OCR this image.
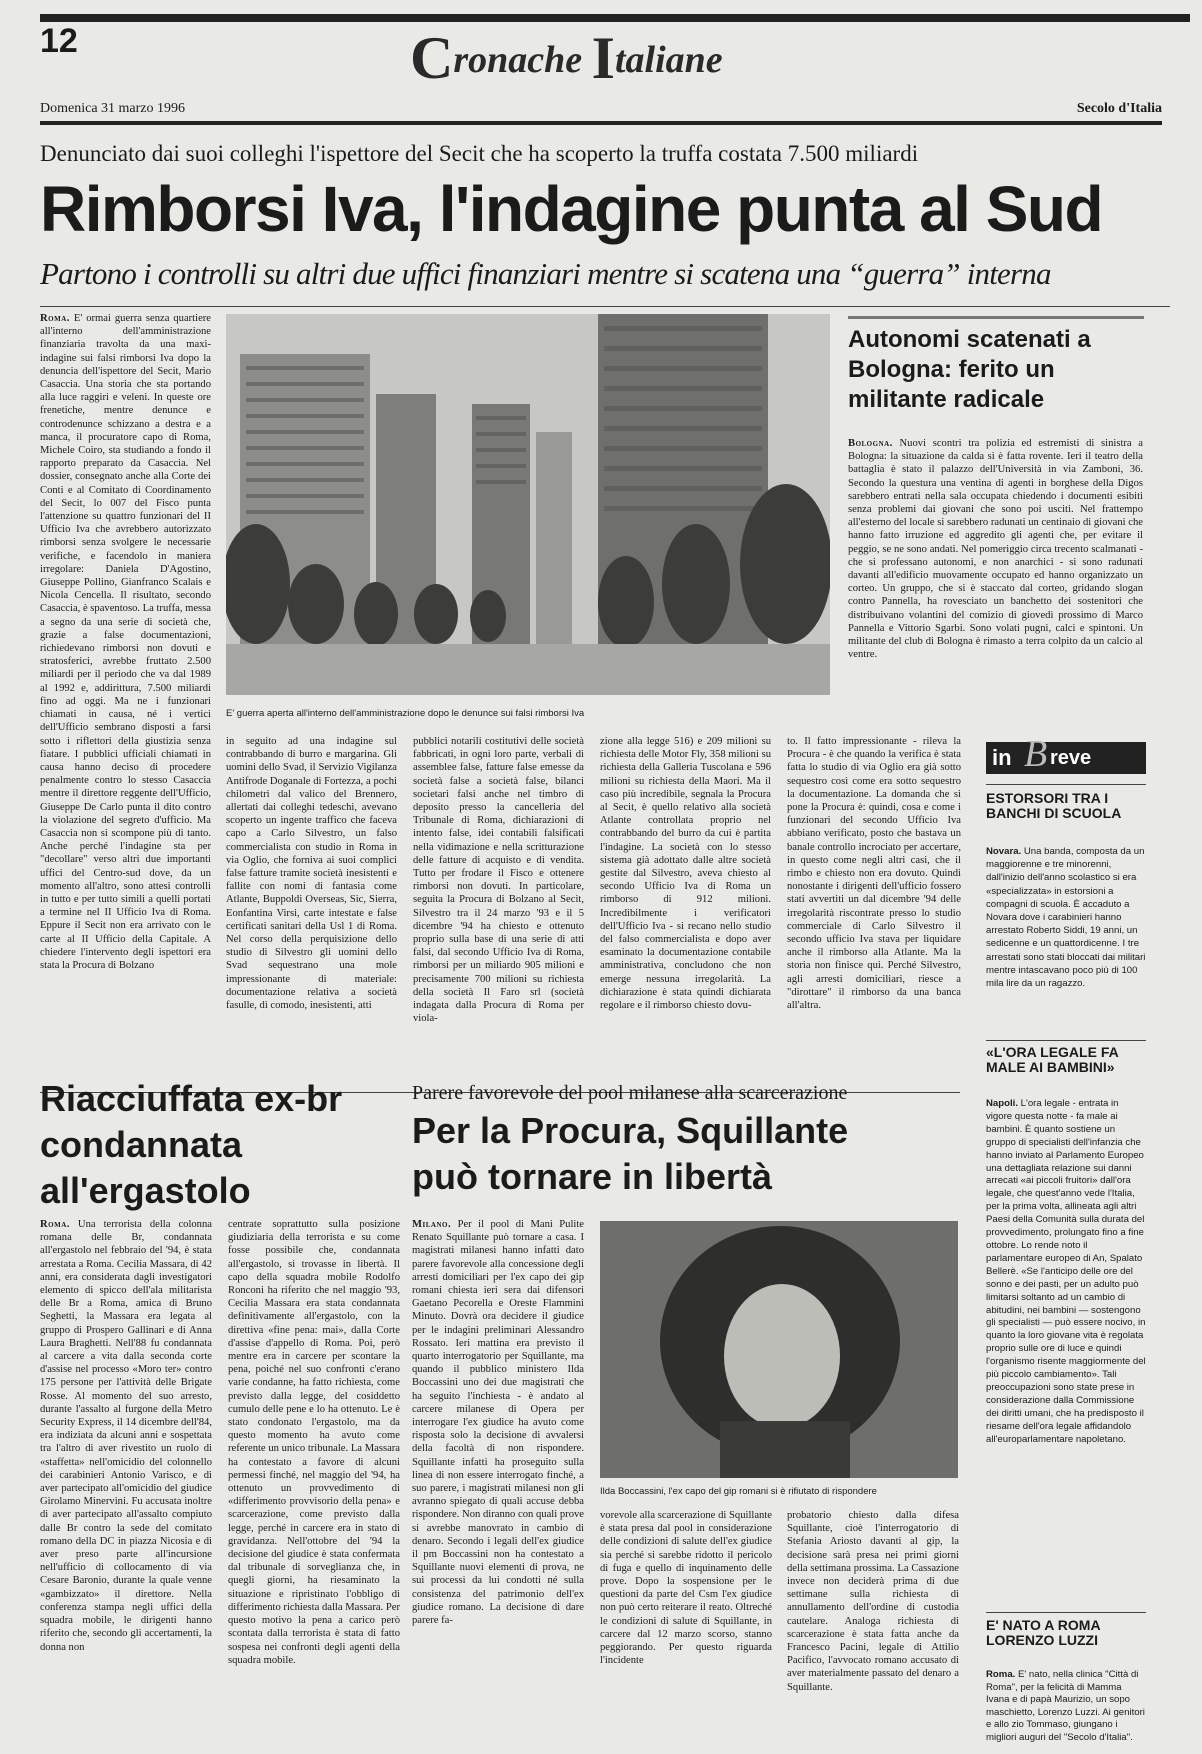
12	Cronache Italiane
Domenica 31 marzo 1996	Secolo d'Italia
Denunciato dai suoi colleghi l'ispettore del Secit che ha scoperto la truffa costata 7.500 miliardi
Rimborsi Iva, l'indagine punta al Sud
Partono i controlli su altri due uffici finanziari mentre si scatena una “guerra” interna
Roma. E' ormai guerra senza quartiere all'interno dell'amministrazione finanziaria travolta da una maxi-indagine sui falsi rimborsi Iva dopo la denuncia dell'ispettore del Secit, Mario Casaccia. Una storia che sta portando alla luce raggiri e veleni. In queste ore frenetiche, mentre denunce e controdenunce schizzano a destra e a manca, il procuratore capo di Roma, Michele Coiro, sta studiando a fondo il rapporto preparato da Casaccia. Nel dossier, consegnato anche alla Corte dei Conti e al Comitato di Coordinamento del Secit, lo 007 del Fisco punta l'attenzione su quattro funzionari del II Ufficio Iva che avrebbero autorizzato rimborsi senza svolgere le necessarie verifiche, e facendolo in maniera irregolare: Daniela D'Agostino, Giuseppe Pollino, Gianfranco Scalais e Nicola Cencella. Il risultato, secondo Casaccia, è spaventoso. La truffa, messa a segno da una serie di società che, grazie a false documentazioni, richiedevano rimborsi non dovuti e stratosferici, avrebbe fruttato 2.500 miliardi per il periodo che va dal 1989 al 1992 e, addirittura, 7.500 miliardi fino ad oggi. Ma ne i funzionari chiamati in causa, né i vertici dell'Ufficio sembrano disposti a farsi sotto i riflettori della giustizia senza fiatare. I pubblici ufficiali chiamati in causa hanno deciso di procedere penalmente contro lo stesso Casaccia mentre il direttore reggente dell'Ufficio, Giuseppe De Carlo punta il dito contro la violazione del segreto d'ufficio. Ma Casaccia non si scompone più di tanto. Anche perché l'indagine sta per "decollare" verso altri due importanti uffici del Centro-sud dove, da un momento all'altro, sono attesi controlli in tutto e per tutto simili a quelli portati a termine nel II Ufficio Iva di Roma. Eppure il Secit non era arrivato con le carte al II Ufficio della Capitale. A chiedere l'intervento degli ispettori era stata la Procura di Bolzano
E' guerra aperta all'interno dell'amministrazione dopo le denunce sui falsi rimborsi Iva
in seguito ad una indagine sul contrabbando di burro e margarina. Gli uomini dello Svad, il Servizio Vigilanza Antifrode Doganale di Fortezza, a pochi chilometri dal valico del Brennero, allertati dai colleghi tedeschi, avevano scoperto un ingente traffico che faceva capo a Carlo Silvestro, un falso commercialista con studio in Roma in via Oglio, che forniva ai suoi complici false fatture tramite società inesistenti e fallite con nomi di fantasia come Atlante, Buppoldi Overseas, Sic, Sierra, Eonfantina Virsi, carte intestate e false certificati sanitari della Usl 1 di Roma. Nel corso della perquisizione dello studio di Silvestro gli uomini dello Svad sequestrano una mole impressionante di materiale: documentazione relativa a società fasulle, di comodo, inesistenti, atti
pubblici notarili costitutivi delle società fabbricati, in ogni loro parte, verbali di assemblee false, fatture false emesse da società false a società false, bilanci societari falsi anche nel timbro di deposito presso la cancelleria del Tribunale di Roma, dichiarazioni di intento false, idei contabili falsificati nella vidimazione e nella scritturazione delle fatture di acquisto e di vendita. Tutto per frodare il Fisco e ottenere rimborsi non dovuti. In particolare, seguita la Procura di Bolzano al Secit, Silvestro tra il 24 marzo '93 e il 5 dicembre '94 ha chiesto e ottenuto proprio sulla base di una serie di atti falsi, dal secondo Ufficio Iva di Roma, rimborsi per un miliardo 905 milioni e precisamente 700 milioni su richiesta della società Il Faro srl (società indagata dalla Procura di Roma per viola-
zione alla legge 516) e 209 milioni su richiesta delle Motor Fly, 358 milioni su richiesta della Galleria Tuscolana e 596 milioni su richiesta della Maori. Ma il caso più incredibile, segnala la Procura al Secit, è quello relativo alla società Atlante controllata proprio nel contrabbando del burro da cui è partita l'indagine. La società con lo stesso sistema già adottato dalle altre società gestite dal Silvestro, aveva chiesto al secondo Ufficio Iva di Roma un rimborso di 912 milioni. Incredibilmente i verificatori dell'Ufficio Iva - si recano nello studio del falso commercialista e dopo aver esaminato la documentazione contabile amministrativa, concludono che non emerge nessuna irregolarità. La dichiarazione è stata quindi dichiarata regolare e il rimborso chiesto dovu-
to. Il fatto impressionante - rileva la Procura - è che quando la verifica è stata fatta lo studio di via Oglio era già sotto sequestro così come era sotto sequestro la documentazione. La domanda che si pone la Procura è: quindi, cosa e come i funzionari del secondo Ufficio Iva abbiano verificato, posto che bastava un banale controllo incrociato per accertare, in questo come negli altri casi, che il rimbo e chiesto non era dovuto. Quindi nonostante i dirigenti dell'ufficio fossero stati avvertiti un dal dicembre '94 delle irregolarità riscontrate presso lo studio commerciale di Carlo Silvestro il secondo ufficio Iva stava per liquidare anche il rimborso alla Atlante. Ma la storia non finisce qui. Perché Silvestro, agli arresti domiciliari, riesce a "dirottare" il rimborso da una banca all'altra.
Autonomi scatenati a Bologna: ferito un militante radicale
Bologna. Nuovi scontri tra polizia ed estremisti di sinistra a Bologna: la situazione da calda si è fatta rovente. Ieri il teatro della battaglia è stato il palazzo dell'Università in via Zamboni, 36. Secondo la questura una ventina di agenti in borghese della Digos sarebbero entrati nella sala occupata chiedendo i documenti esibiti senza problemi dai giovani che sono poi usciti. Nel frattempo all'esterno del locale si sarebbero radunati un centinaio di giovani che hanno fatto irruzione ed aggredito gli agenti che, per evitare il peggio, se ne sono andati. Nel pomeriggio circa trecento scalmanati - che si professano autonomi, e non anarchici - si sono radunati davanti all'edificio muovamente occupato ed hanno organizzato un corteo. Un gruppo, che si è staccato dal corteo, gridando slogan contro Pannella, ha rovesciato un banchetto dei sostenitori che distribuivano volantini del comizio di giovedì prossimo di Marco Pannella e Vittorio Sgarbi. Sono volati pugni, calci e spintoni. Un militante del club di Bologna è rimasto a terra colpito da un calcio al ventre.
in B reve
ESTORSORI TRA I BANCHI DI SCUOLA
Novara. Una banda, composta da un maggiorenne e tre minorenni, dall'inizio dell'anno scolastico si era «specializzata» in estorsioni a compagni di scuola. È accaduto a Novara dove i carabinieri hanno arrestato Roberto Siddi, 19 anni, un sedicenne e un quattordicenne. I tre arrestati sono stati bloccati dai militari mentre intascavano poco più di 100 mila lire da un ragazzo.
«L'ORA LEGALE FA MALE AI BAMBINI»
Napoli. L'ora legale - entrata in vigore questa notte - fa male ai bambini. È quanto sostiene un gruppo di specialisti dell'infanzia che hanno inviato al Parlamento Europeo una dettagliata relazione sui danni arrecati «ai piccoli fruitori» dall'ora legale, che quest'anno vede l'Italia, per la prima volta, allineata agli altri Paesi della Comunità sulla durata del provvedimento, prolungato fino a fine ottobre. Lo rende noto il parlamentare europeo di An, Spalato Bellerè. «Se l'anticipo delle ore del sonno e dei pasti, per un adulto può limitarsi soltanto ad un cambio di abitudini, nei bambini — sostengono gli specialisti — può essere nocivo, in quanto la loro giovane vita è regolata proprio sulle ore di luce e quindi l'organismo risente maggiormente del più piccolo cambiamento». Tali preoccupazioni sono state prese in considerazione dalla Commissione dei diritti umani, che ha predisposto il riesame dell'ora legale affidandolo all'europarlamentare napoletano.
E' NATO A ROMA LORENZO LUZZI
Roma. E' nato, nella clinica "Città di Roma", per la felicità di Mamma Ivana e di papà Maurizio, un sopo maschietto, Lorenzo Luzzi. Ai genitori e allo zio Tommaso, giungano i migliori auguri del "Secolo d'Italia".
Riacciuffata ex-br condannata all'ergastolo
Roma. Una terrorista della colonna romana delle Br, condannata all'ergastolo nel febbraio del '94, è stata arrestata a Roma. Cecilia Massara, di 42 anni, era considerata dagli investigatori elemento di spicco dell'ala militarista delle Br a Roma, amica di Bruno Seghetti, la Massara era legata al gruppo di Prospero Gallinari e di Anna Laura Braghetti. Nell'88 fu condannata al carcere a vita dalla seconda corte d'assise nel processo «Moro ter» contro 175 persone per l'attività delle Brigate Rosse. Al momento del suo arresto, durante l'assalto al furgone della Metro Security Express, il 14 dicembre dell'84, era indiziata da alcuni anni e sospettata tra l'altro di aver rivestito un ruolo di «staffetta» nell'omicidio del colonnello dei carabinieri Antonio Varisco, e di aver partecipato all'omicidio del giudice Girolamo Minervini. Fu accusata inoltre di aver partecipato all'assalto compiuto dalle Br contro la sede del comitato romano della DC in piazza Nicosia e di aver preso parte all'incursione nell'ufficio di collocamento di via Cesare Baronio, durante la quale venne «gambizzato» il direttore. Nella conferenza stampa negli uffici della squadra mobile, le dirigenti hanno riferito che, secondo gli accertamenti, la donna non
centrate soprattutto sulla posizione giudiziaria della terrorista e su come fosse possibile che, condannata all'ergastolo, si trovasse in libertà. Il capo della squadra mobile Rodolfo Ronconi ha riferito che nel maggio '93, Cecilia Massara era stata condannata definitivamente all'ergastolo, con la direttiva «fine pena: mai», dalla Corte d'assise d'appello di Roma. Poi, però mentre era in carcere per scontare la pena, poiché nel suo confronti c'erano varie condanne, ha fatto richiesta, come previsto dalla legge, del cosiddetto cumulo delle pene e lo ha ottenuto. Le è stato condonato l'ergastolo, ma da questo momento ha avuto come referente un unico tribunale. La Massara ha contestato a favore di alcuni permessi finché, nel maggio del '94, ha ottenuto un provvedimento di «differimento provvisorio della pena» e scarcerazione, come previsto dalla legge, perché in carcere era in stato di gravidanza. Nell'ottobre del '94 la decisione del giudice è stata confermata dal tribunale di sorveglianza che, in quegli giorni, ha riesaminato la situazione e ripristinato l'obbligo di differimento richiesta dalla Massara. Per questo motivo la pena a carico però scontata dalla terrorista è stata di fatto sospesa nei confronti degli agenti della squadra mobile.
Parere favorevole del pool milanese alla scarcerazione
Per la Procura, Squillante può tornare in libertà
Milano. Per il pool di Mani Pulite Renato Squillante può tornare a casa. I magistrati milanesi hanno infatti dato parere favorevole alla concessione degli arresti domiciliari per l'ex capo dei gip romani chiesta ieri sera dai difensori Gaetano Pecorella e Oreste Flammini Minuto. Dovrà ora decidere il giudice per le indagini preliminari Alessandro Rossato. Ieri mattina era previsto il quarto interrogatorio per Squillante, ma quando il pubblico ministero Ilda Boccassini uno dei due magistrati che ha seguito l'inchiesta - è andato al carcere milanese di Opera per interrogare l'ex giudice ha avuto come risposta solo la decisione di avvalersi della facoltà di non rispondere. Squillante infatti ha proseguito sulla linea di non essere interrogato finché, a suo parere, i magistrati milanesi non gli avranno spiegato di quali accuse debba rispondere. Non diranno con quali prove si avrebbe manovrato in cambio di denaro. Secondo i legali dell'ex giudice il pm Boccassini non ha contestato a Squillante nuovi elementi di prova, ne sui processi da lui condotti né sulla consistenza del patrimonio dell'ex giudice romano. La decisione di dare parere fa-
Ilda Boccassini, l'ex capo del gip romani si è rifiutato di rispondere
vorevole alla scarcerazione di Squillante è stata presa dal pool in considerazione delle condizioni di salute dell'ex giudice sia perché si sarebbe ridotto il pericolo di fuga e quello di inquinamento delle prove. Dopo la sospensione per le questioni da parte del Csm l'ex giudice non può certo reiterare il reato. Oltreché le condizioni di salute di Squillante, in carcere dal 12 marzo scorso, stanno peggiorando. Per questo riguarda l'incidente
probatorio chiesto dalla difesa Squillante, cioè l'interrogatorio di Stefania Ariosto davanti al gip, la decisione sarà presa nei primi giorni della settimana prossima. La Cassazione invece non deciderà prima di due settimane sulla richiesta di annullamento dell'ordine di custodia cautelare. Analoga richiesta di scarcerazione è stata fatta anche da Francesco Pacini, legale di Attilio Pacifico, l'avvocato romano accusato di aver materialmente passato del denaro a Squillante.
